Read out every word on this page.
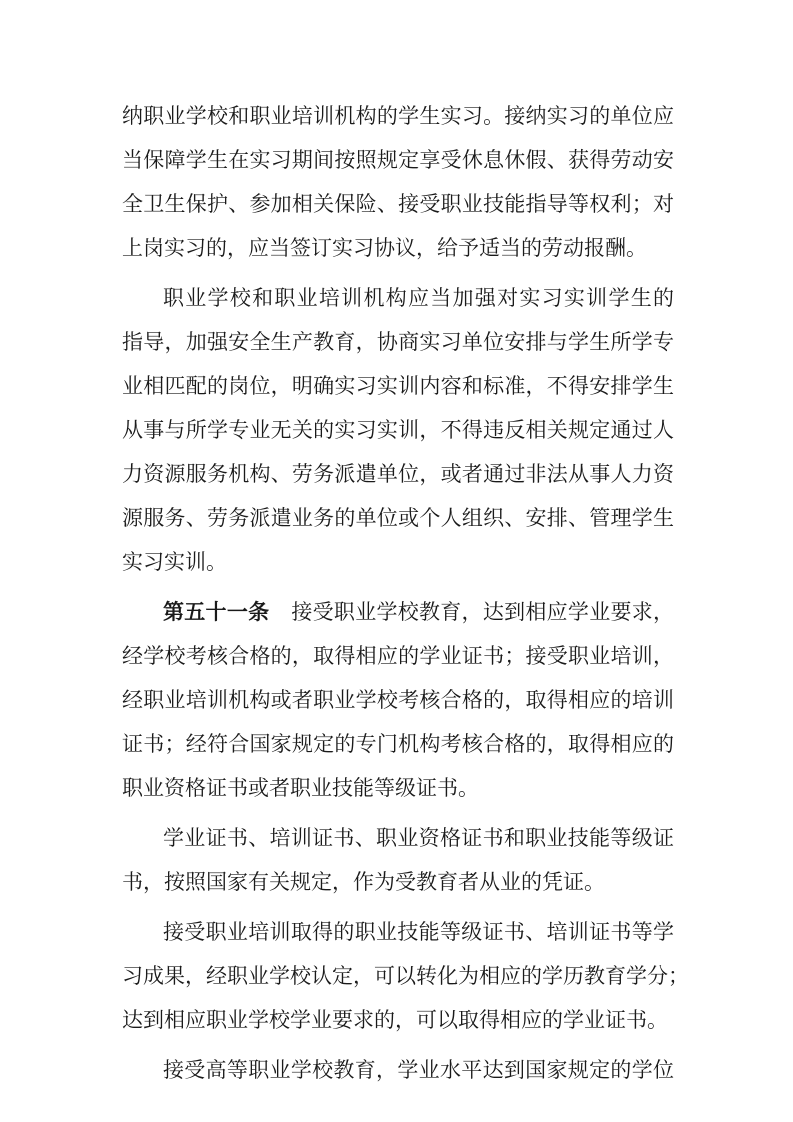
纳职业学校和职业培训机构的学生实习。接纳实习的单位应

当保障学生在实习期间按照规定享受休息休假、获得劳动安

全卫生保护、参加相关保险、接受职业技能指导等权利；对

上岗实习的，应当签订实习协议，给予适当的劳动报酬。

职业学校和职业培训机构应当加强对实习实训学生的

指导，加强安全生产教育，协商实习单位安排与学生所学专

业相匹配的岗位，明确实习实训内容和标准，不得安排学生

从事与所学专业无关的实习实训，不得违反相关规定通过人

力资源服务机构、劳务派遣单位，或者通过非法从事人力资

源服务、劳务派遣业务的单位或个人组织、安排、管理学生

实习实训。

第五十一条 接受职业学校教育，达到相应学业要求，

经学校考核合格的，取得相应的学业证书；接受职业培训，

经职业培训机构或者职业学校考核合格的，取得相应的培训

证书；经符合国家规定的专门机构考核合格的，取得相应的

职业资格证书或者职业技能等级证书。

学业证书、培训证书、职业资格证书和职业技能等级证

书，按照国家有关规定，作为受教育者从业的凭证。

接受职业培训取得的职业技能等级证书、培训证书等学

习成果，经职业学校认定，可以转化为相应的学历教育学分；

达到相应职业学校学业要求的，可以取得相应的学业证书。

接受高等职业学校教育，学业水平达到国家规定的学位
